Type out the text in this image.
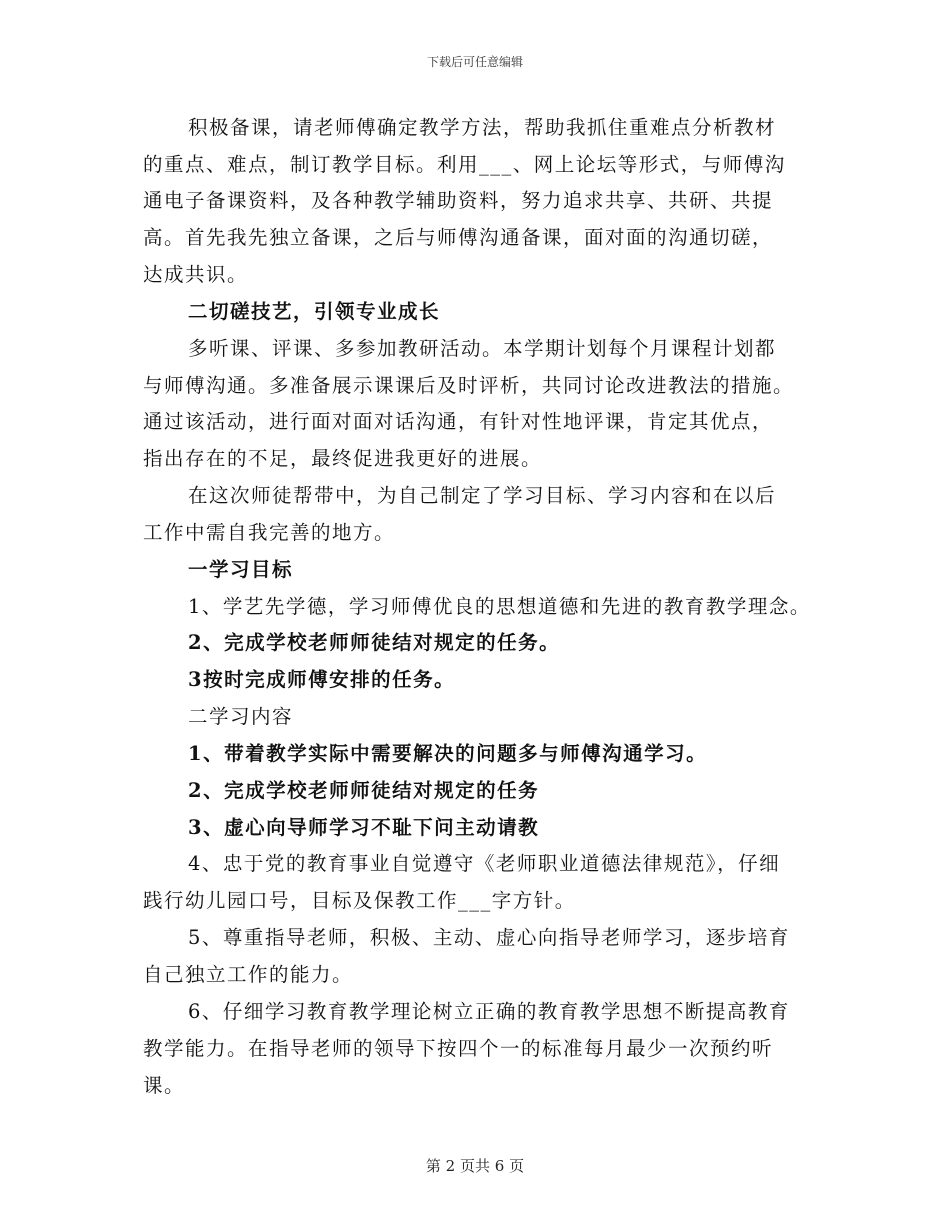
下载后可任意编辑
积极备课，请老师傅确定教学方法，帮助我抓住重难点分析教材
的重点、难点，制订教学目标。利用___、网上论坛等形式，与师傅沟
通电子备课资料，及各种教学辅助资料，努力追求共享、共研、共提
高。首先我先独立备课，之后与师傅沟通备课，面对面的沟通切磋，
达成共识。
二切磋技艺，引领专业成长
多听课、评课、多参加教研活动。本学期计划每个月课程计划都
与师傅沟通。多准备展示课课后及时评析，共同讨论改进教法的措施。
通过该活动，进行面对面对话沟通，有针对性地评课，肯定其优点，
指出存在的不足，最终促进我更好的进展。
在这次师徒帮带中，为自己制定了学习目标、学习内容和在以后
工作中需自我完善的地方。
一学习目标
1、学艺先学德，学习师傅优良的思想道德和先进的教育教学理念。
2、完成学校老师师徒结对规定的任务。
3按时完成师傅安排的任务。
二学习内容
1、带着教学实际中需要解决的问题多与师傅沟通学习。
2、完成学校老师师徒结对规定的任务
3、虚心向导师学习不耻下问主动请教
4、忠于党的教育事业自觉遵守《老师职业道德法律规范》，仔细
践行幼儿园口号，目标及保教工作___字方针。
5、尊重指导老师，积极、主动、虚心向指导老师学习，逐步培育
自己独立工作的能力。
6、仔细学习教育教学理论树立正确的教育教学思想不断提高教育
教学能力。在指导老师的领导下按四个一的标准每月最少一次预约听
课。
第 2 页共 6 页
